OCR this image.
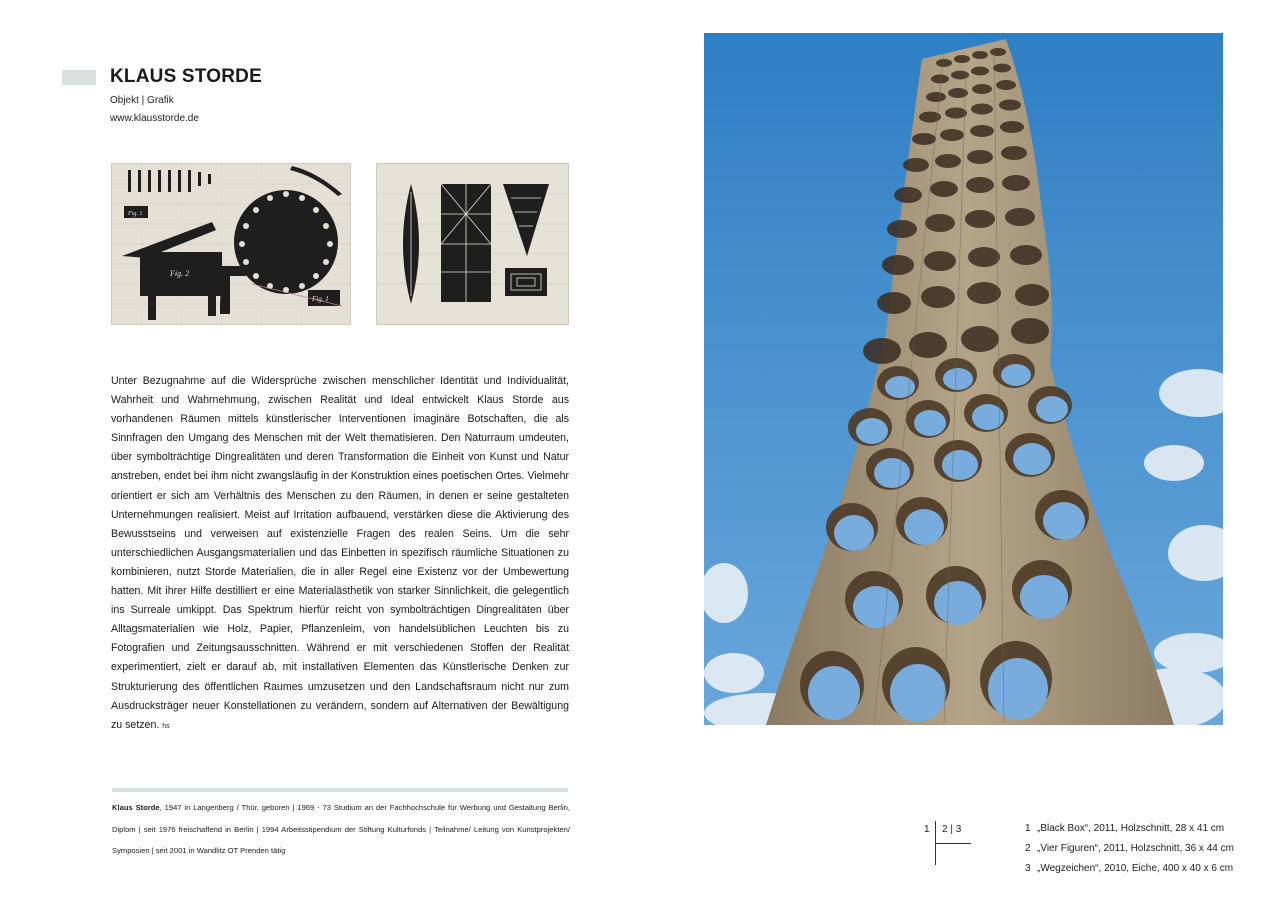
KLAUS STORDE
Objekt | Grafik
www.klausstorde.de
Fig. 1
Fig. 2
Fig. 1
Unter Bezugnahme auf die Widersprüche zwischen menschlicher Identität und Individualität, Wahrheit und Wahrnehmung, zwischen Realität und Ideal entwickelt Klaus Storde aus vorhandenen Räumen mittels künstlerischer Interventionen imaginäre Botschaften, die als Sinnfragen den Umgang des Menschen mit der Welt thematisieren. Den Naturraum umdeuten, über symbolträchtige Dingrealitäten und deren Transformation die Einheit von Kunst und Natur anstreben, endet bei ihm nicht zwangsläufig in der Konstruktion eines poetischen Ortes. Vielmehr orientiert er sich am Verhältnis des Menschen zu den Räumen, in denen er seine gestalteten Unternehmungen realisiert. Meist auf Irritation aufbauend, verstärken diese die Aktivierung des Bewusstseins und verweisen auf existenzielle Fragen des realen Seins. Um die sehr unterschiedlichen Ausgangsmaterialien und das Einbetten in spezifisch räumliche Situationen zu kombinieren, nutzt Storde Materialien, die in aller Regel eine Existenz vor der Umbewertung hatten. Mit ihrer Hilfe destilliert er eine Materialästhetik von starker Sinnlichkeit, die gelegentlich ins Surreale umkippt. Das Spektrum hierfür reicht von symbolträchtigen Dingrealitäten über Alltagsmaterialien wie Holz, Papier, Pflanzenleim, von handelsüblichen Leuchten bis zu Fotografien und Zeitungsausschnitten. Während er mit verschiedenen Stoffen der Realität experimentiert, zielt er darauf ab, mit installativen Elementen das Künstlerische Denken zur Strukturierung des öffentlichen Raumes umzusetzen und den Landschaftsraum nicht nur zum Ausdrucksträger neuer Konstellationen zu verändern, sondern auf Alternativen der Bewältigung zu setzen. hs
Klaus Storde, 1947 in Langenberg / Thür. geboren | 1969 - 73 Studium an der Fachhochschule für Werbung und Gestaltung Berlin, Diplom | seit 1976 freischaffend in Berlin | 1994 Arbeitsstipendium der Stiftung Kulturfonds | Teilnahme/ Leitung von Kunstprojekten/ Symposien | seit 2001 in Wandlitz OT Prenden tätig
1 2 | 3	1 „Black Box“, 2011, Holzschnitt, 28 x 41 cm
2 „Vier Figuren“, 2011, Holzschnitt, 36 x 44 cm
3 „Wegzeichen“, 2010, Eiche, 400 x 40 x 6 cm
